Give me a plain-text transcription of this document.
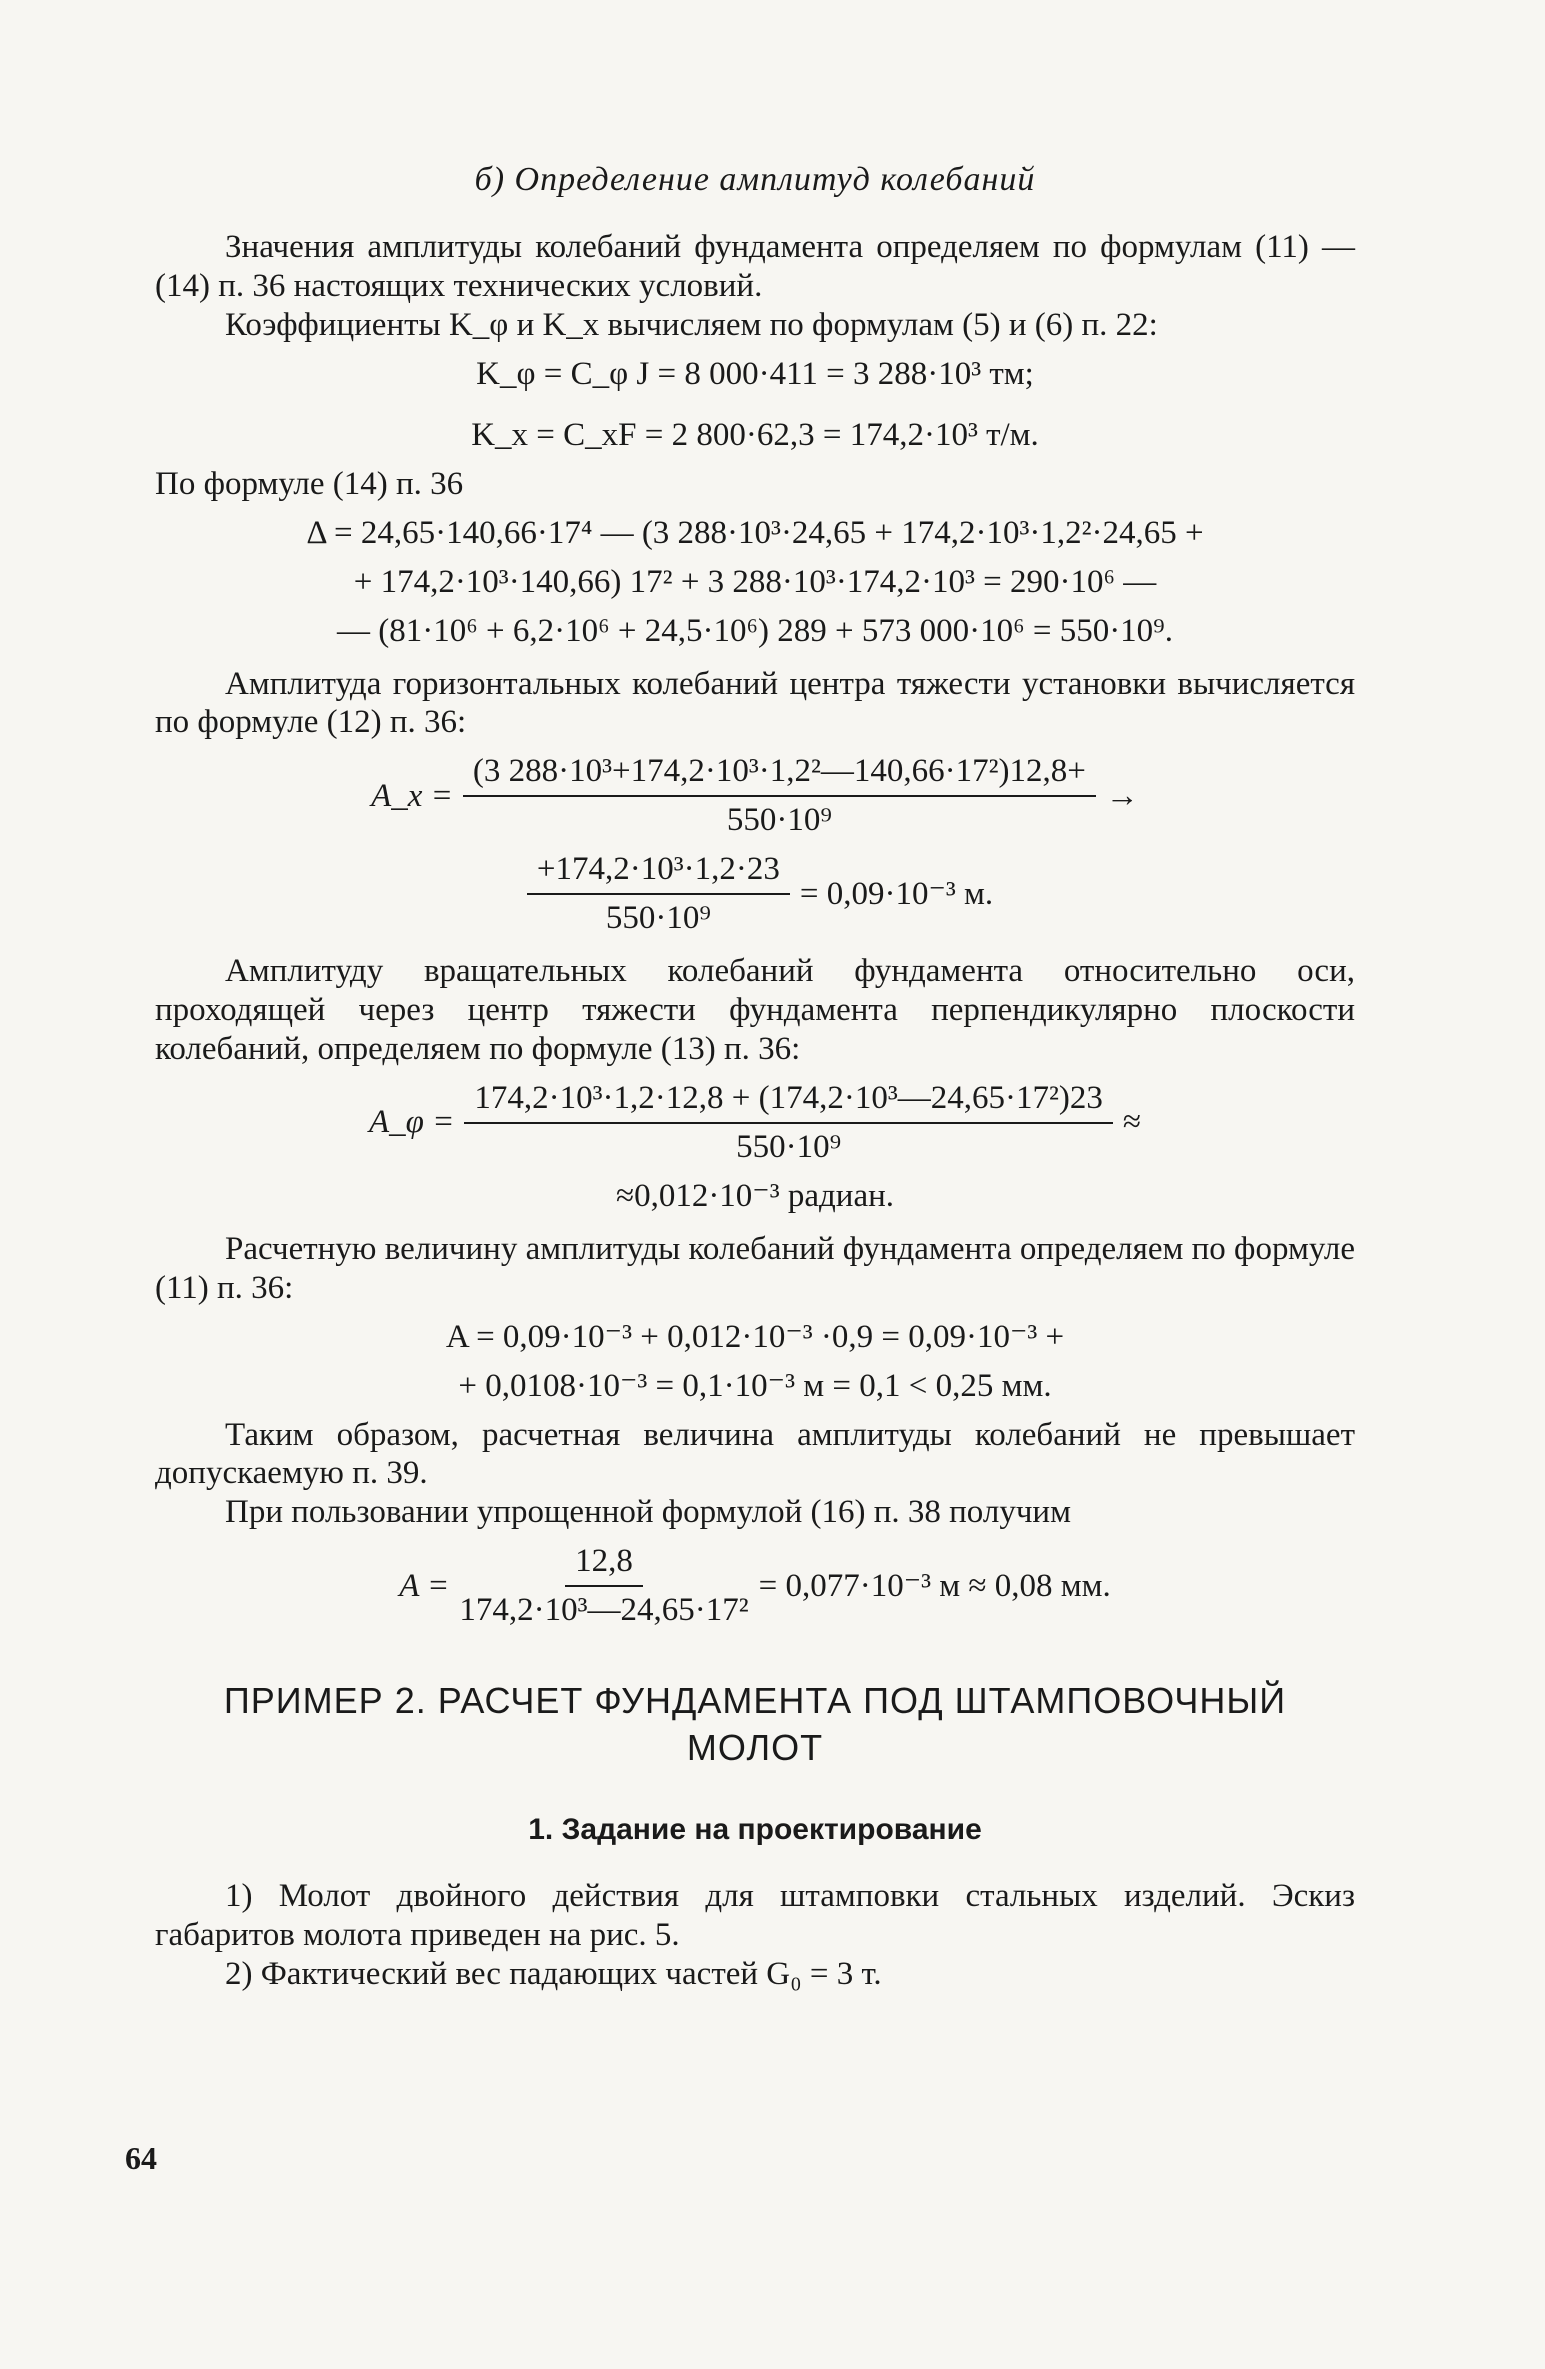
б) Определение амплитуд колебаний

Значения амплитуды колебаний фундамента определяем по формулам (11) — (14) п. 36 настоящих технических условий.

Коэффициенты K_φ и K_x вычисляем по формулам (5) и (6) п. 22:

K_φ = C_φ J = 8 000·411 = 3 288·10³ тм;
K_x = C_xF = 2 800·62,3 = 174,2·10³ т/м.

По формуле (14) п. 36

Δ = 24,65·140,66·17⁴ — (3 288·10³·24,65 + 174,2·10³·1,2²·24,65 +
+ 174,2·10³·140,66) 17² + 3 288·10³·174,2·10³ = 290·10⁶ —
— (81·10⁶ + 6,2·10⁶ + 24,5·10⁶) 289 + 573 000·10⁶ = 550·10⁹.

Амплитуда горизонтальных колебаний центра тяжести установки вычисляется по формуле (12) п. 36:

A_x = $\frac{\text{(3 288·10³+174,2·10³·1,2²—140,66·17²)12,8+}}{\text{550·10⁹}}$ →
$\frac{\text{+174,2·10³·1,2·23}}{\text{550·10⁹}} = 0,09\cdot 10^{-3}$ м.

Амплитуду вращательных колебаний фундамента относительно оси, проходящей через центр тяжести фундамента перпендикулярно плоскости колебаний, определяем по формуле (13) п. 36:

A_φ = $\frac{\text{174,2·10³·1,2·12,8 + (174,2·10³—24,65·17²)23}}{\text{550·10⁹}}$ ≈
≈0,012·10⁻³ радиан.

Расчетную величину амплитуды колебаний фундамента определяем по формуле (11) п. 36:

A = 0,09·10⁻³ + 0,012·10⁻³ ·0,9 = 0,09·10⁻³ +
+ 0,0108·10⁻³ = 0,1·10⁻³ м = 0,1 < 0,25 мм.

Таким образом, расчетная величина амплитуды колебаний не превышает допускаемую п. 39.

При пользовании упрощенной формулой (16) п. 38 получим

$A = \frac{12,8}{\text{174,2·10³—24,65·17²}} = 0,077\cdot 10^{-3}$ м ≈ 0,08 мм.
ПРИМЕР 2. РАСЧЕТ ФУНДАМЕНТА ПОД ШТАМПОВОЧНЫЙ МОЛОТ
1. Задание на проектирование

1) Молот двойного действия для штамповки стальных изделий. Эскиз габаритов молота приведен на рис. 5.

2) Фактический вес падающих частей G₀ = 3 т.

64
